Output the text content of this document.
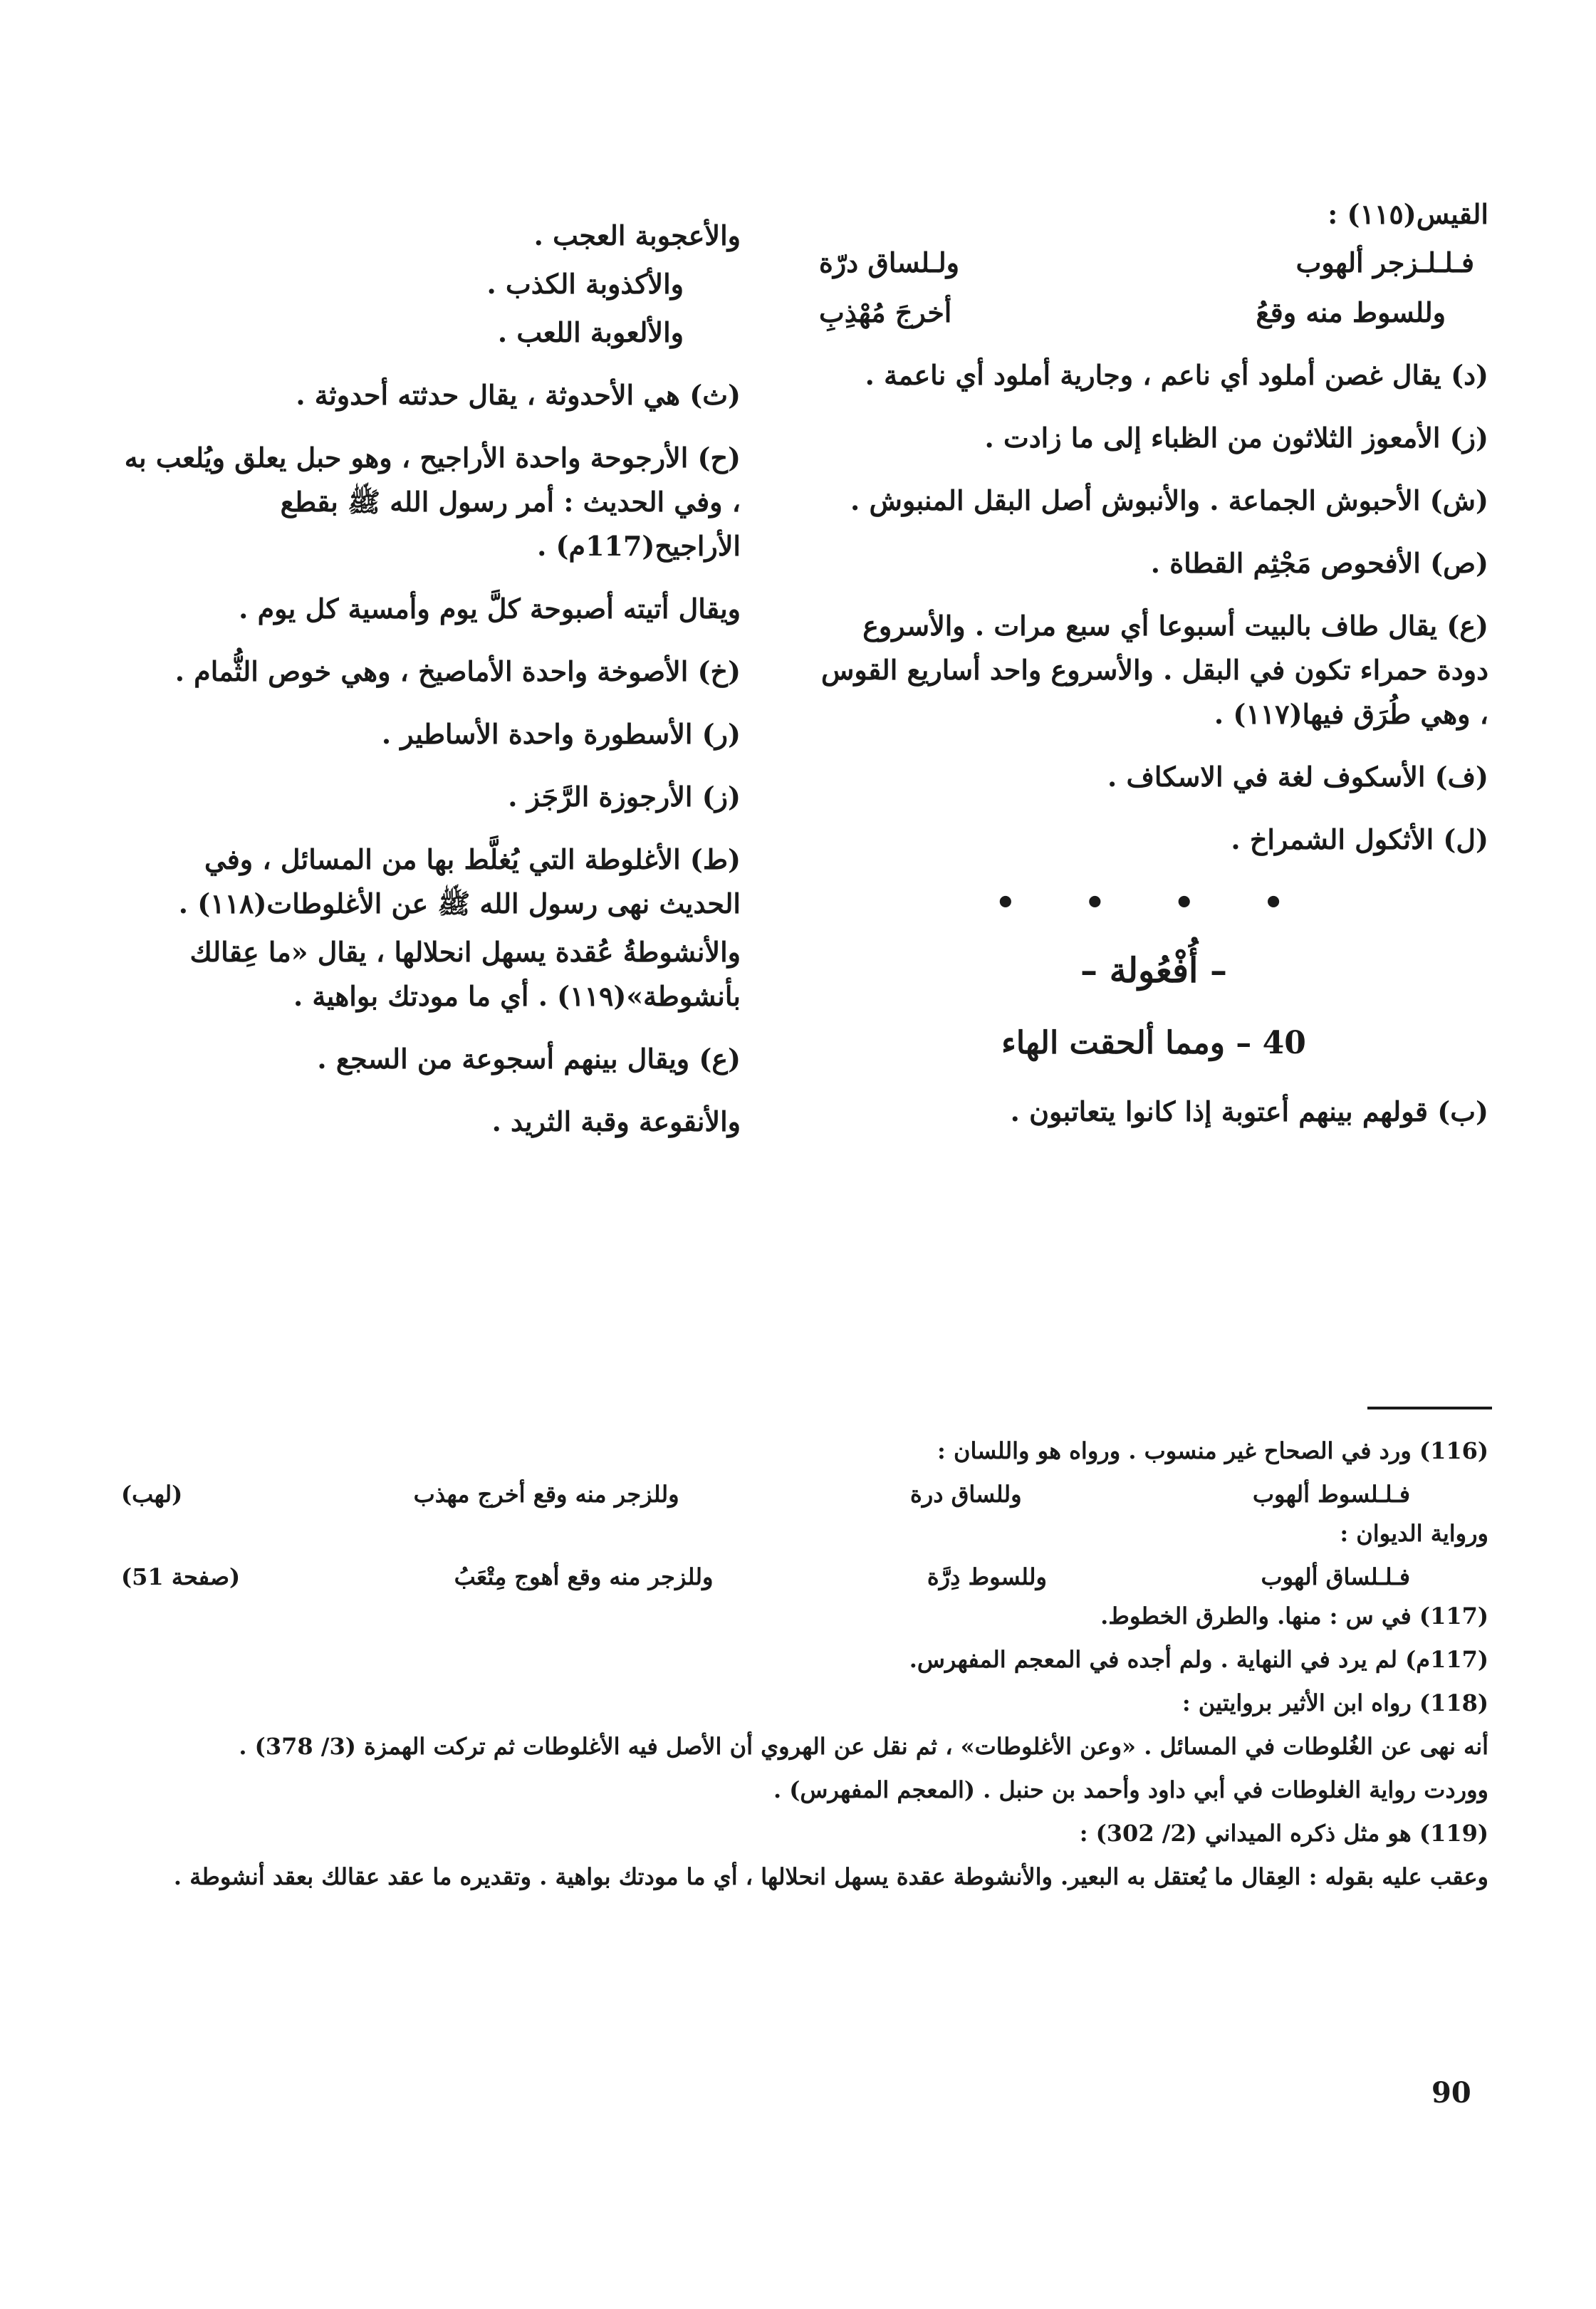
القيس(١١٥) :

فـلـلـزجر ألهوب
ولـلساق درّة
وللسوط منه وقعُ
أخرجَ مُهْذِبِ

(د) يقال غصن أملود أي ناعم ، وجارية أملود أي ناعمة .

(ز) الأمعوز الثلاثون من الظباء إلى ما زادت .

(ش) الأحبوش الجماعة . والأنبوش أصل البقل المنبوش .

(ص) الأفحوص مَجْثِم القطاة .

(ع) يقال طاف بالبيت أسبوعا أي سبع مرات . والأسروع دودة حمراء تكون في البقل . والأسروع واحد أساريع القوس ، وهي طُرَق فيها(١١٧) .

(ف) الأسكوف لغة في الاسكاف .

(ل) الأثكول الشمراخ .

• • • •
– أُفْعُولة –
40 – ومما ألحقت الهاء

(ب) قولهم بينهم أعتوبة إذا كانوا يتعاتبون .

والأعجوبة العجب .

والأكذوبة الكذب .

والألعوبة اللعب .

(ث) هي الأحدوثة ، يقال حدثته أحدوثة .

(ح) الأرجوحة واحدة الأراجيح ، وهو حبل يعلق ويُلعب به ، وفي الحديث : أمر رسول الله ﷺ بقطع الأراجيح(117م) .

ويقال أتيته أصبوحة كلَّ يوم وأمسية كل يوم .

(خ) الأصوخة واحدة الأماصيخ ، وهي خوص الثُّمام .

(ر) الأسطورة واحدة الأساطير .

(ز) الأرجوزة الرَّجَز .

(ط) الأغلوطة التي يُغلَّط بها من المسائل ، وفي الحديث نهى رسول الله ﷺ عن الأغلوطات(١١٨) .

والأنشوطةُ عُقدة يسهل انحلالها ، يقال «ما عِقالك بأنشوطة»(١١٩) . أي ما مودتك بواهية .

(ع) ويقال بينهم أسجوعة من السجع .

والأنقوعة وقبة الثريد .

(116) ورد في الصحاح غير منسوب . ورواه هو واللسان :

فـلـلسوط ألهوب
وللساق درة
وللزجر منه وقع أخرج مهذب
(لهب)

ورواية الديوان :

فـلـلساق ألهوب
وللسوط دِرَّة
وللزجر منه وقع أهوج مِتْعَبُ
(صفحة 51)

(117) في س : منها. والطرق الخطوط.

(117م) لم يرد في النهاية . ولم أجده في المعجم المفهرس.

(118) رواه ابن الأثير بروايتين :

أنه نهى عن الغُلوطات في المسائل . «وعن الأغلوطات» ، ثم نقل عن الهروي أن الأصل فيه الأغلوطات ثم تركت الهمزة (3/ 378) .

ووردت رواية الغلوطات في أبي داود وأحمد بن حنبل . (المعجم المفهرس) .

(119) هو مثل ذكره الميداني (2/ 302) :

وعقب عليه بقوله : العِقال ما يُعتقل به البعير. والأنشوطة عقدة يسهل انحلالها ، أي ما مودتك بواهية . وتقديره ما عقد عقالك بعقد أنشوطة .

90
